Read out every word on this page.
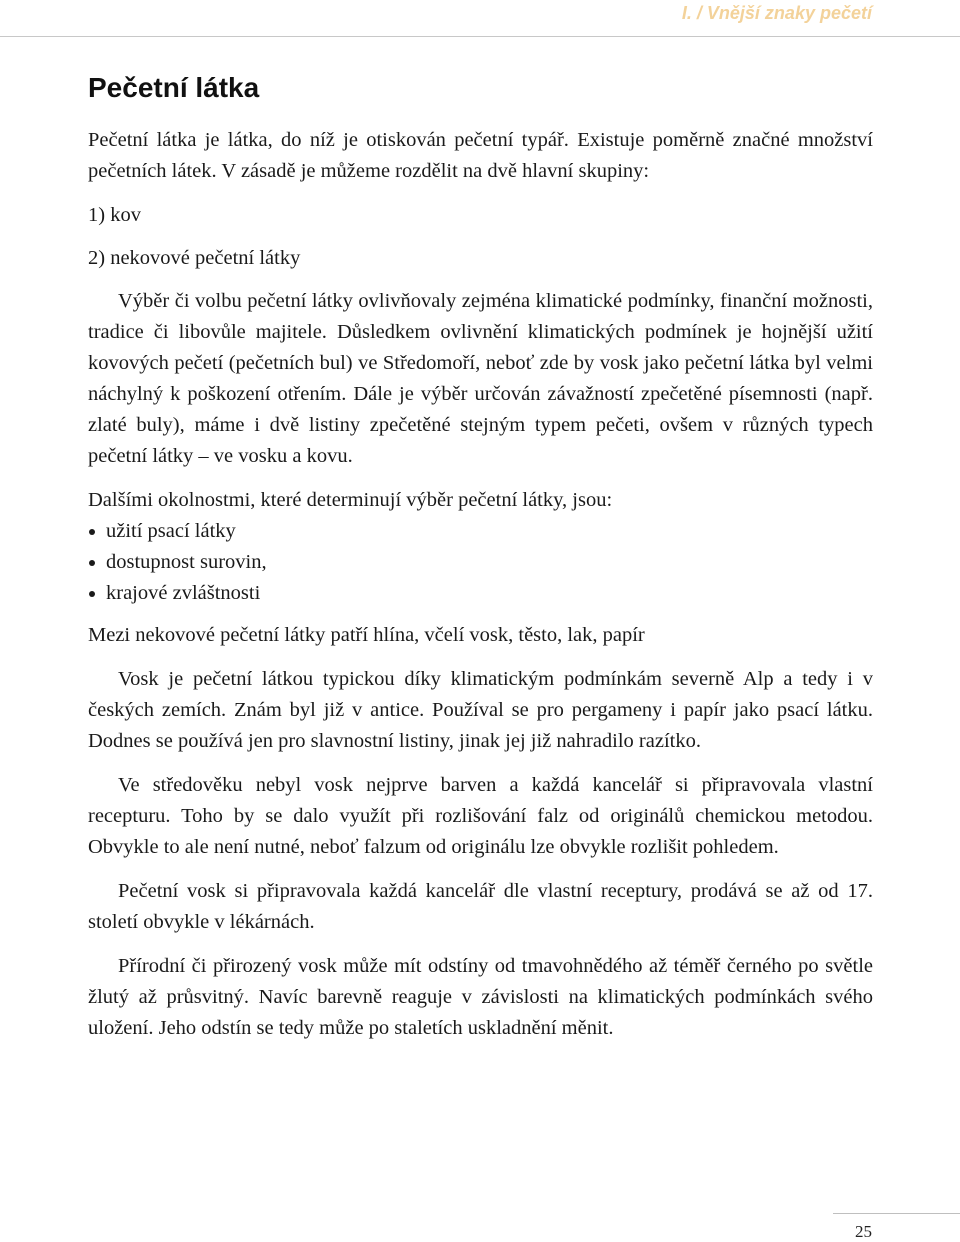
I. / Vnější znaky pečetí
Pečetní látka

Pečetní látka je látka, do níž je otiskován pečetní typář. Existuje poměrně značné množství pečetních látek. V zásadě je můžeme rozdělit na dvě hlavní skupiny:

1) kov

2) nekovové pečetní látky

Výběr či volbu pečetní látky ovlivňovaly zejména klimatické podmínky, finanční možnosti, tradice či libovůle majitele. Důsledkem ovlivnění klimatických podmínek je hojnější užití kovových pečetí (pečetních bul) ve Středomoří, neboť zde by vosk jako pečetní látka byl velmi náchylný k poškození otřením. Dále je výběr určován závažností zpečetěné písemnosti (např. zlaté buly), máme i dvě listiny zpečetěné stejným typem pečeti, ovšem v různých typech pečetní látky – ve vosku a kovu.

Dalšími okolnostmi, které determinují výběr pečetní látky, jsou:

užití psací látky
dostupnost surovin,
krajové zvláštnosti

Mezi nekovové pečetní látky patří hlína, včelí vosk, těsto, lak, papír

Vosk je pečetní látkou typickou díky klimatickým podmínkám severně Alp a tedy i v českých zemích. Znám byl již v antice. Používal se pro pergameny i papír jako psací látku. Dodnes se používá jen pro slavnostní listiny, jinak jej již nahradilo razítko.

Ve středověku nebyl vosk nejprve barven a každá kancelář si připravovala vlastní recepturu. Toho by se dalo využít při rozlišování falz od originálů chemickou metodou. Obvykle to ale není nutné, neboť falzum od originálu lze obvykle rozlišit pohledem.

Pečetní vosk si připravovala každá kancelář dle vlastní receptury, prodává se až od 17. století obvykle v lékárnách.

Přírodní či přirozený vosk může mít odstíny od tmavohnědého až téměř černého po světle žlutý až průsvitný. Navíc barevně reaguje v závislosti na klimatických podmínkách svého uložení. Jeho odstín se tedy může po staletích uskladnění měnit.

25
